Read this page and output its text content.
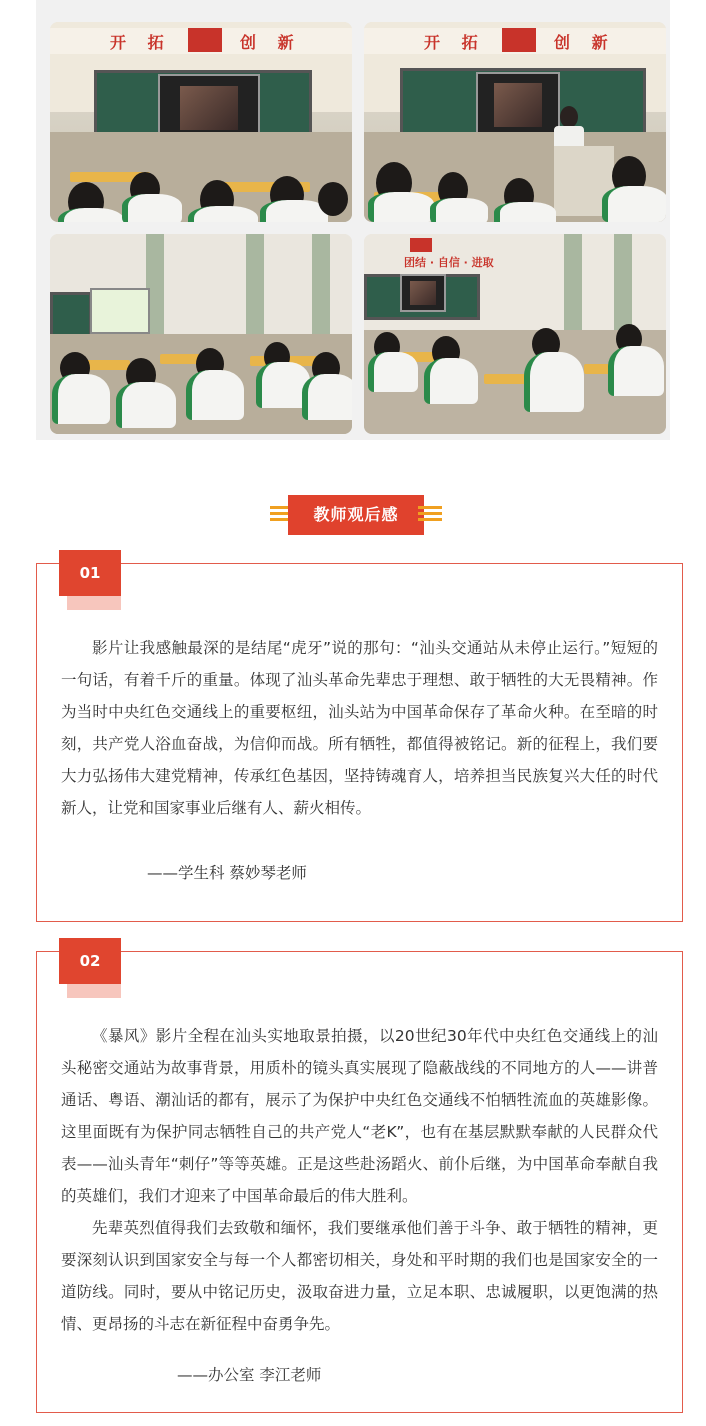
开 拓	创 新	开 拓	创 新
团结 · 自信 · 进取
教师观后感
01

影片让我感触最深的是结尾“虎牙”说的那句：“汕头交通站从未停止运行。”短短的一句话，有着千斤的重量。体现了汕头革命先辈忠于理想、敢于牺牲的大无畏精神。作为当时中央红色交通线上的重要枢纽，汕头站为中国革命保存了革命火种。在至暗的时刻，共产党人浴血奋战，为信仰而战。所有牺牲，都值得被铭记。新的征程上，我们要大力弘扬伟大建党精神，传承红色基因，坚持铸魂育人，培养担当民族复兴大任的时代新人，让党和国家事业后继有人、薪火相传。

——学生科 蔡妙琴老师
02

《暴风》影片全程在汕头实地取景拍摄，以20世纪30年代中央红色交通线上的汕头秘密交通站为故事背景，用质朴的镜头真实展现了隐蔽战线的不同地方的人——讲普通话、粤语、潮汕话的都有，展示了为保护中央红色交通线不怕牺牲流血的英雄影像。这里面既有为保护同志牺牲自己的共产党人“老K”，也有在基层默默奉献的人民群众代表——汕头青年“刺仔”等等英雄。正是这些赴汤蹈火、前仆后继，为中国革命奉献自我的英雄们，我们才迎来了中国革命最后的伟大胜利。

先辈英烈值得我们去致敬和缅怀，我们要继承他们善于斗争、敢于牺牲的精神，更要深刻认识到国家安全与每一个人都密切相关，身处和平时期的我们也是国家安全的一道防线。同时，要从中铭记历史，汲取奋进力量，立足本职、忠诚履职，以更饱满的热情、更昂扬的斗志在新征程中奋勇争先。

——办公室 李江老师
